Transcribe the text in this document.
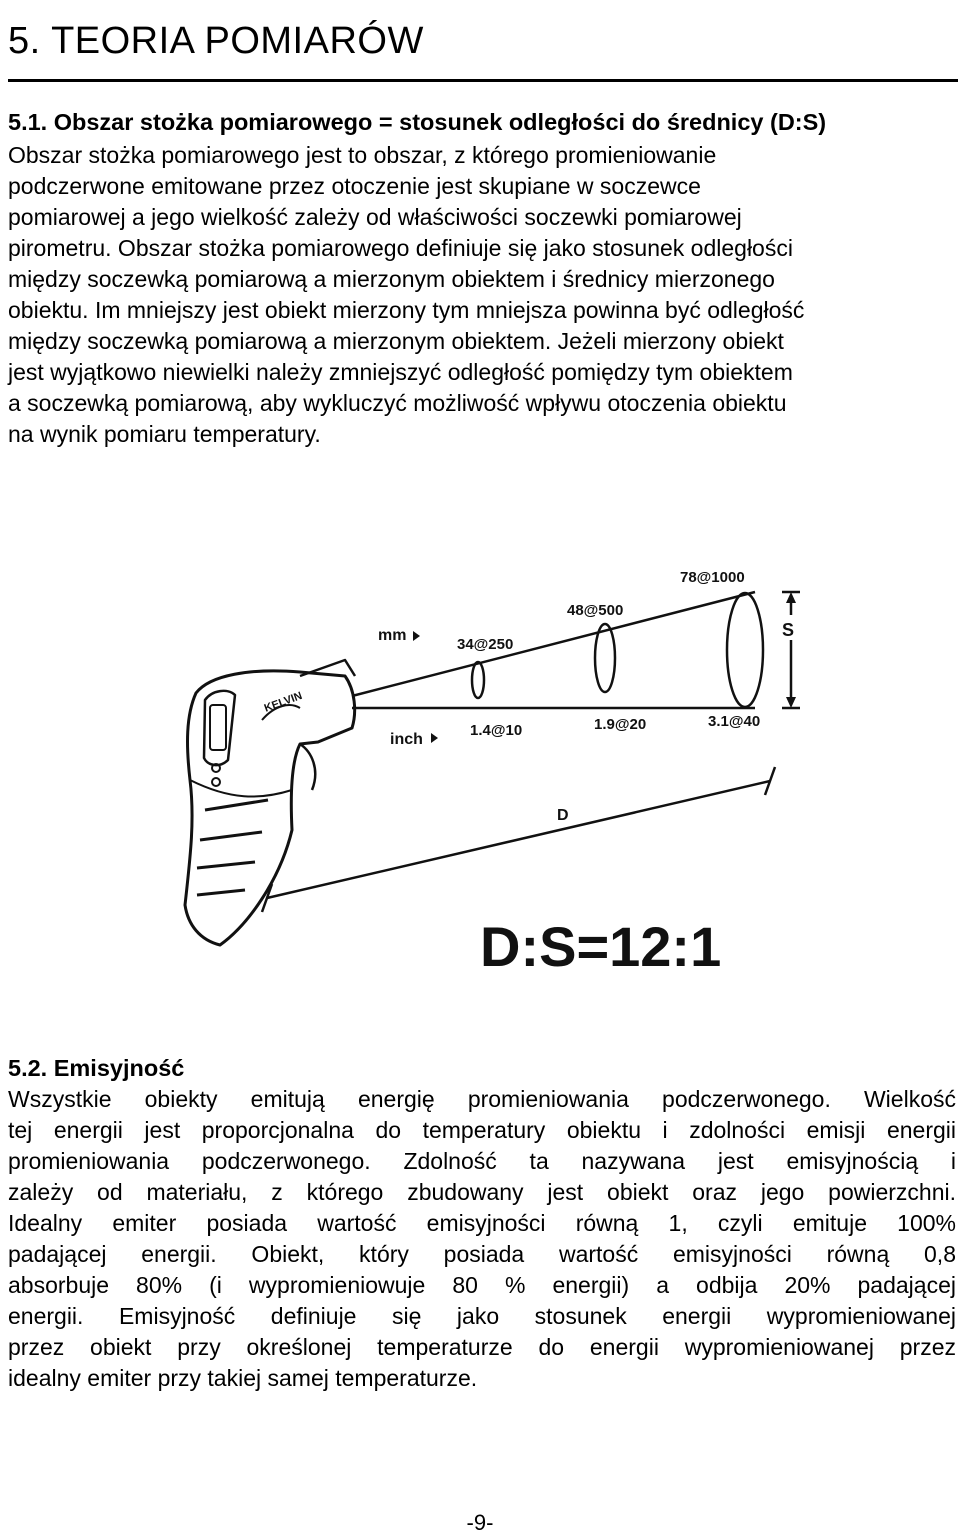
5. TEORIA POMIARÓW
5.1. Obszar stożka pomiarowego = stosunek odległości do średnicy (D:S)
Obszar stożka pomiarowego jest to obszar, z którego promieniowanie
podczerwone emitowane przez otoczenie jest skupiane w soczewce
pomiarowej a jego wielkość zależy od właściwości soczewki pomiarowej
pirometru. Obszar stożka pomiarowego definiuje się jako stosunek odległości
między soczewką pomiarową a mierzonym obiektem i średnicy mierzonego
obiektu. Im mniejszy jest obiekt mierzony tym mniejsza powinna być odległość
między soczewką pomiarową a mierzonym obiektem. Jeżeli mierzony obiekt
jest wyjątkowo niewielki należy zmniejszyć odległość pomiędzy tym obiektem
a soczewką pomiarową, aby wykluczyć możliwość wpływu otoczenia obiektu
na wynik pomiaru temperatury.
KELVIN
S
D
mm
inch
34@250
48@500
78@1000
1.4@10	1.9@20	3.1@40
D:S=12:1
5.2. Emisyjność
Wszystkie obiekty emitują energię promieniowania podczerwonego. Wielkość
tej energii jest proporcjonalna do temperatury obiektu i zdolności emisji energii
promieniowania podczerwonego. Zdolność ta nazywana jest emisyjnością i
zależy od materiału, z którego zbudowany jest obiekt oraz jego powierzchni.
Idealny emiter posiada wartość emisyjności równą 1, czyli emituje 100%
padającej energii. Obiekt, który posiada wartość emisyjności równą 0,8
absorbuje 80% (i wypromieniowuje 80 % energii) a odbija 20% padającej
energii. Emisyjność definiuje się jako stosunek energii wypromieniowanej
przez obiekt przy określonej temperaturze do energii wypromieniowanej przez
idealny emiter przy takiej samej temperaturze.
-9-
